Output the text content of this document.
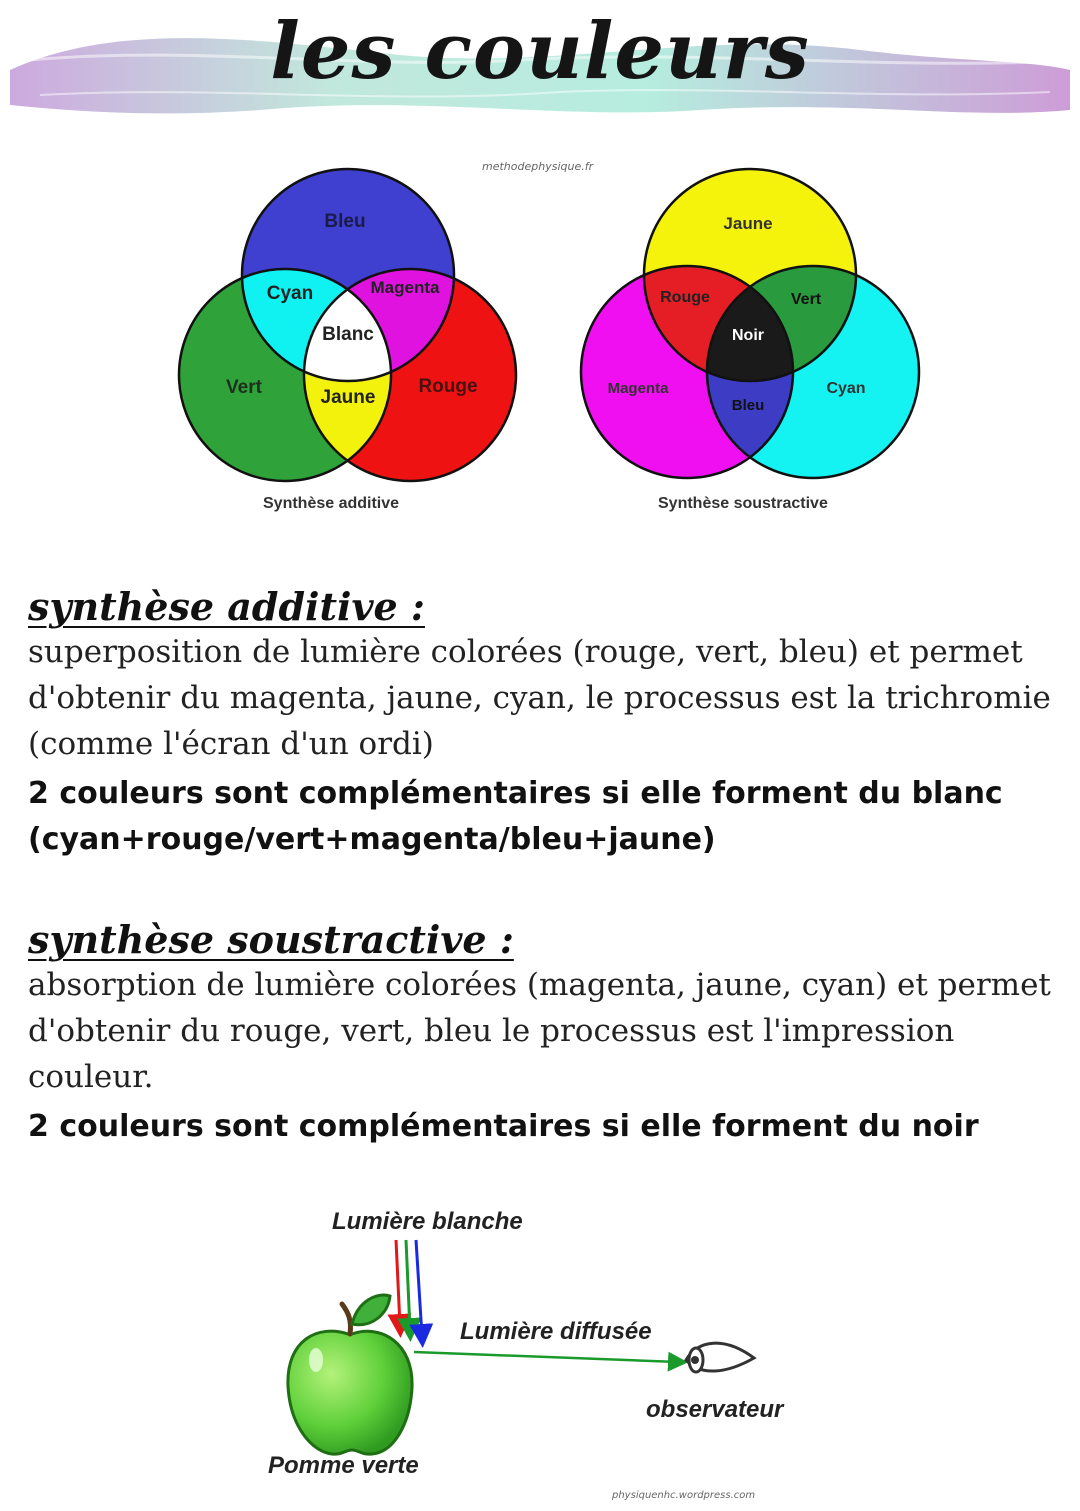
les couleurs
methodephysique.fr
Bleu
Cyan	Magenta
Blanc
Vert	Jaune
Rouge
Synthèse additive
Jaune
Rouge	Vert
Noir
Magenta
Bleu
Cyan
Synthèse soustractive

synthèse additive :

superposition de lumière colorées (rouge, vert, bleu) et permet d'obtenir du magenta, jaune, cyan, le processus est la trichromie (comme l'écran d'un ordi)

2 couleurs sont complémentaires si elle forment du blanc (cyan+rouge/vert+magenta/bleu+jaune)

synthèse soustractive :

absorption de lumière colorées (magenta, jaune, cyan) et permet d'obtenir du rouge, vert, bleu le processus est l'impression couleur.

2 couleurs sont complémentaires si elle forment du noir

Lumière blanche
Lumière diffusée
observateur
Pomme verte
physiquenhc.wordpress.com
